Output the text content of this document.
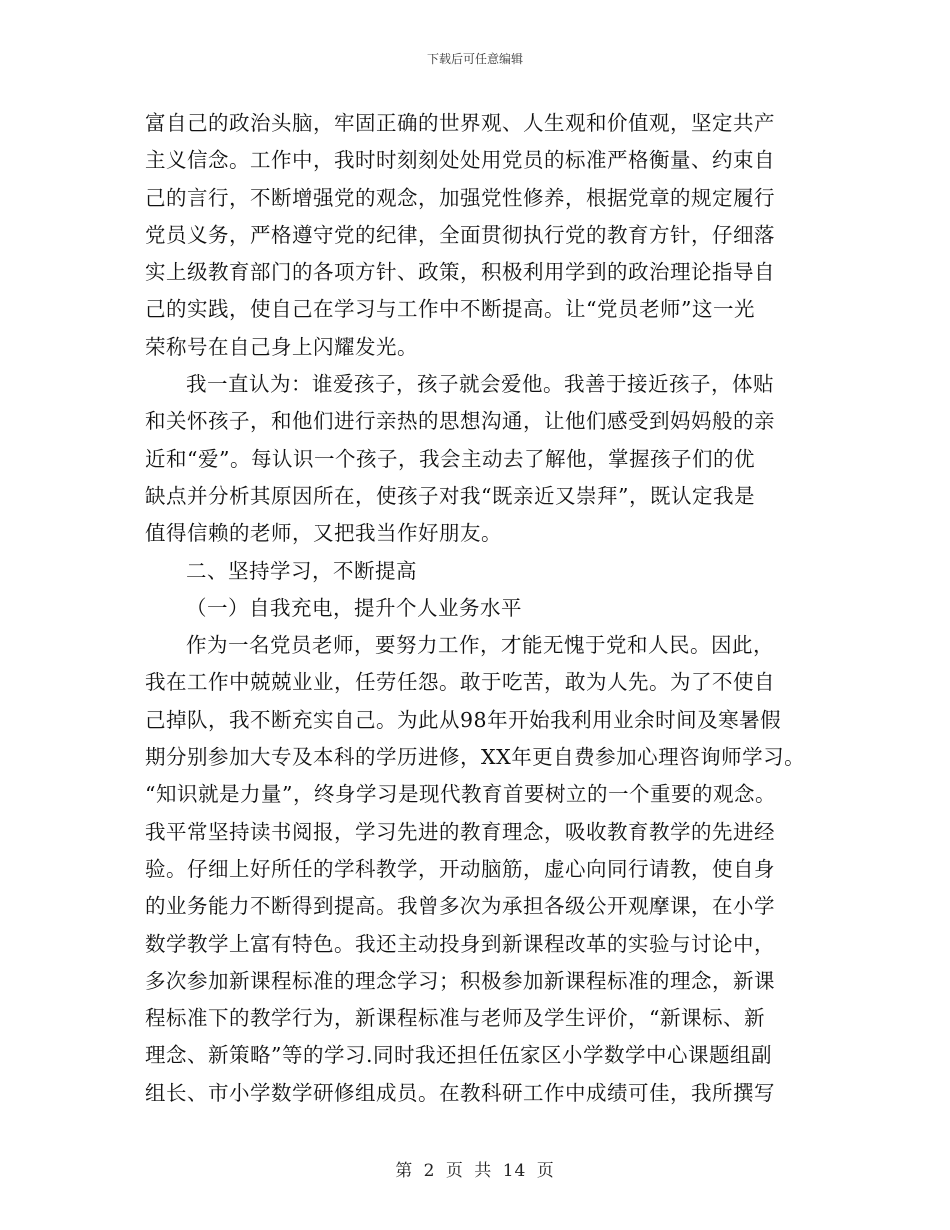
下载后可任意编辑
富自己的政治头脑，牢固正确的世界观、人生观和价值观，坚定共产
主义信念。工作中，我时时刻刻处处用党员的标准严格衡量、约束自
己的言行，不断增强党的观念，加强党性修养，根据党章的规定履行
党员义务，严格遵守党的纪律，全面贯彻执行党的教育方针，仔细落
实上级教育部门的各项方针、政策，积极利用学到的政治理论指导自
己的实践，使自己在学习与工作中不断提高。让“党员老师”这一光
荣称号在自己身上闪耀发光。
我一直认为：谁爱孩子，孩子就会爱他。我善于接近孩子，体贴
和关怀孩子，和他们进行亲热的思想沟通，让他们感受到妈妈般的亲
近和“爱”。每认识一个孩子，我会主动去了解他，掌握孩子们的优
缺点并分析其原因所在，使孩子对我“既亲近又崇拜”，既认定我是
值得信赖的老师，又把我当作好朋友。
二、坚持学习，不断提高
（一）自我充电，提升个人业务水平
作为一名党员老师，要努力工作，才能无愧于党和人民。因此，
我在工作中兢兢业业，任劳任怨。敢于吃苦，敢为人先。为了不使自
己掉队，我不断充实自己。为此从98年开始我利用业余时间及寒暑假
期分别参加大专及本科的学历进修，XX年更自费参加心理咨询师学习。
“知识就是力量”，终身学习是现代教育首要树立的一个重要的观念。
我平常坚持读书阅报，学习先进的教育理念，吸收教育教学的先进经
验。仔细上好所任的学科教学，开动脑筋，虚心向同行请教，使自身
的业务能力不断得到提高。我曾多次为承担各级公开观摩课，在小学
数学教学上富有特色。我还主动投身到新课程改革的实验与讨论中，
多次参加新课程标准的理念学习；积极参加新课程标准的理念，新课
程标准下的教学行为，新课程标准与老师及学生评价，“新课标、新
理念、新策略”等的学习.同时我还担任伍家区小学数学中心课题组副
组长、市小学数学研修组成员。在教科研工作中成绩可佳，我所撰写
第 2 页 共 14 页
